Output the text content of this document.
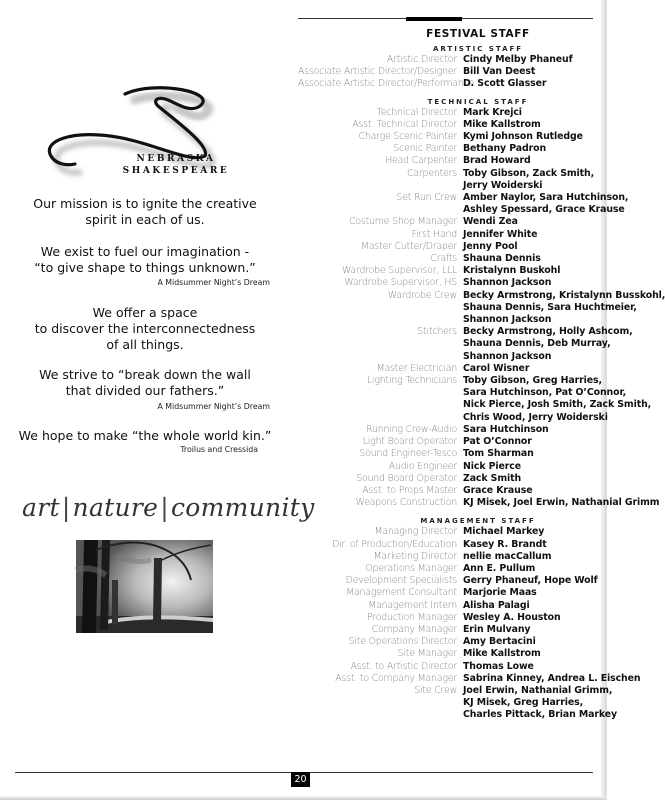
NEBRASKA
SHAKESPEARE
Our mission is to ignite the creative
spirit in each of us.
We exist to fuel our imagination -
“to give shape to things unknown.”
A Midsummer Night’s Dream
We offer a space
to discover the interconnectedness
of all things.
We strive to “break down the wall
that divided our fathers.”
A Midsummer Night’s Dream
We hope to make “the whole world kin.”
Troilus and Cressida
art|nature|community
FESTIVAL STAFF
ARTISTIC STAFF
Artistic Director Cindy Melby Phaneuf
Associate Artistic Director/Designer Bill Van Deest
Associate Artistic Director/Performance
D. Scott Glasser
TECHNICAL STAFF
Technical Director Mark Krejci
Asst. Technical Director Mike Kallstrom
Charge Scenic Painter Kymi Johnson Rutledge
Scenic Painter Bethany Padron
Head Carpenter Brad Howard
Carpenters Toby Gibson, Zack Smith,
Jerry Woiderski
Set Run Crew Amber Naylor, Sara Hutchinson,
Ashley Spessard, Grace Krause
Costume Shop Manager Wendi Zea
First Hand Jennifer White
Master Cutter/Draper Jenny Pool
Crafts Shauna Dennis
Wardrobe Supervisor, LLL Kristalynn Buskohl
Wardrobe Supervisor, HS Shannon Jackson
Wardrobe Crew Becky Armstrong, Kristalynn Busskohl,
Shauna Dennis, Sara Huchtmeier,
Shannon Jackson
Stitchers Becky Armstrong, Holly Ashcom,
Shauna Dennis, Deb Murray,
Shannon Jackson
Master Electrician Carol Wisner
Lighting Technicians Toby Gibson, Greg Harries,
Sara Hutchinson, Pat O’Connor,
Nick Pierce, Josh Smith, Zack Smith,
Chris Wood, Jerry Woiderski
Running Crew-Audio Sara Hutchinson
Light Board Operator Pat O’Connor
Sound Engineer-Tesco Tom Sharman
Audio Engineer Nick Pierce
Sound Board Operator Zack Smith
Asst. to Props Master Grace Krause
Weapons Construction KJ Misek, Joel Erwin, Nathanial Grimm
MANAGEMENT STAFF
Managing Director Michael Markey
Dir. of Production/Education Kasey R. Brandt
Marketing Director nellie macCallum
Operations Manager Ann E. Pullum
Development Specialists Gerry Phaneuf, Hope Wolf
Management Consultant Marjorie Maas
Management Intern Alisha Palagi
Production Manager Wesley A. Houston
Company Manager Erin Mulvany
Site Operations Director Amy Bertacini
Site Manager Mike Kallstrom
Asst. to Artistic Director Thomas Lowe
Asst. to Company Manager Sabrina Kinney, Andrea L. Eischen
Site Crew Joel Erwin, Nathanial Grimm,
KJ Misek, Greg Harries,
Charles Pittack, Brian Markey
20
